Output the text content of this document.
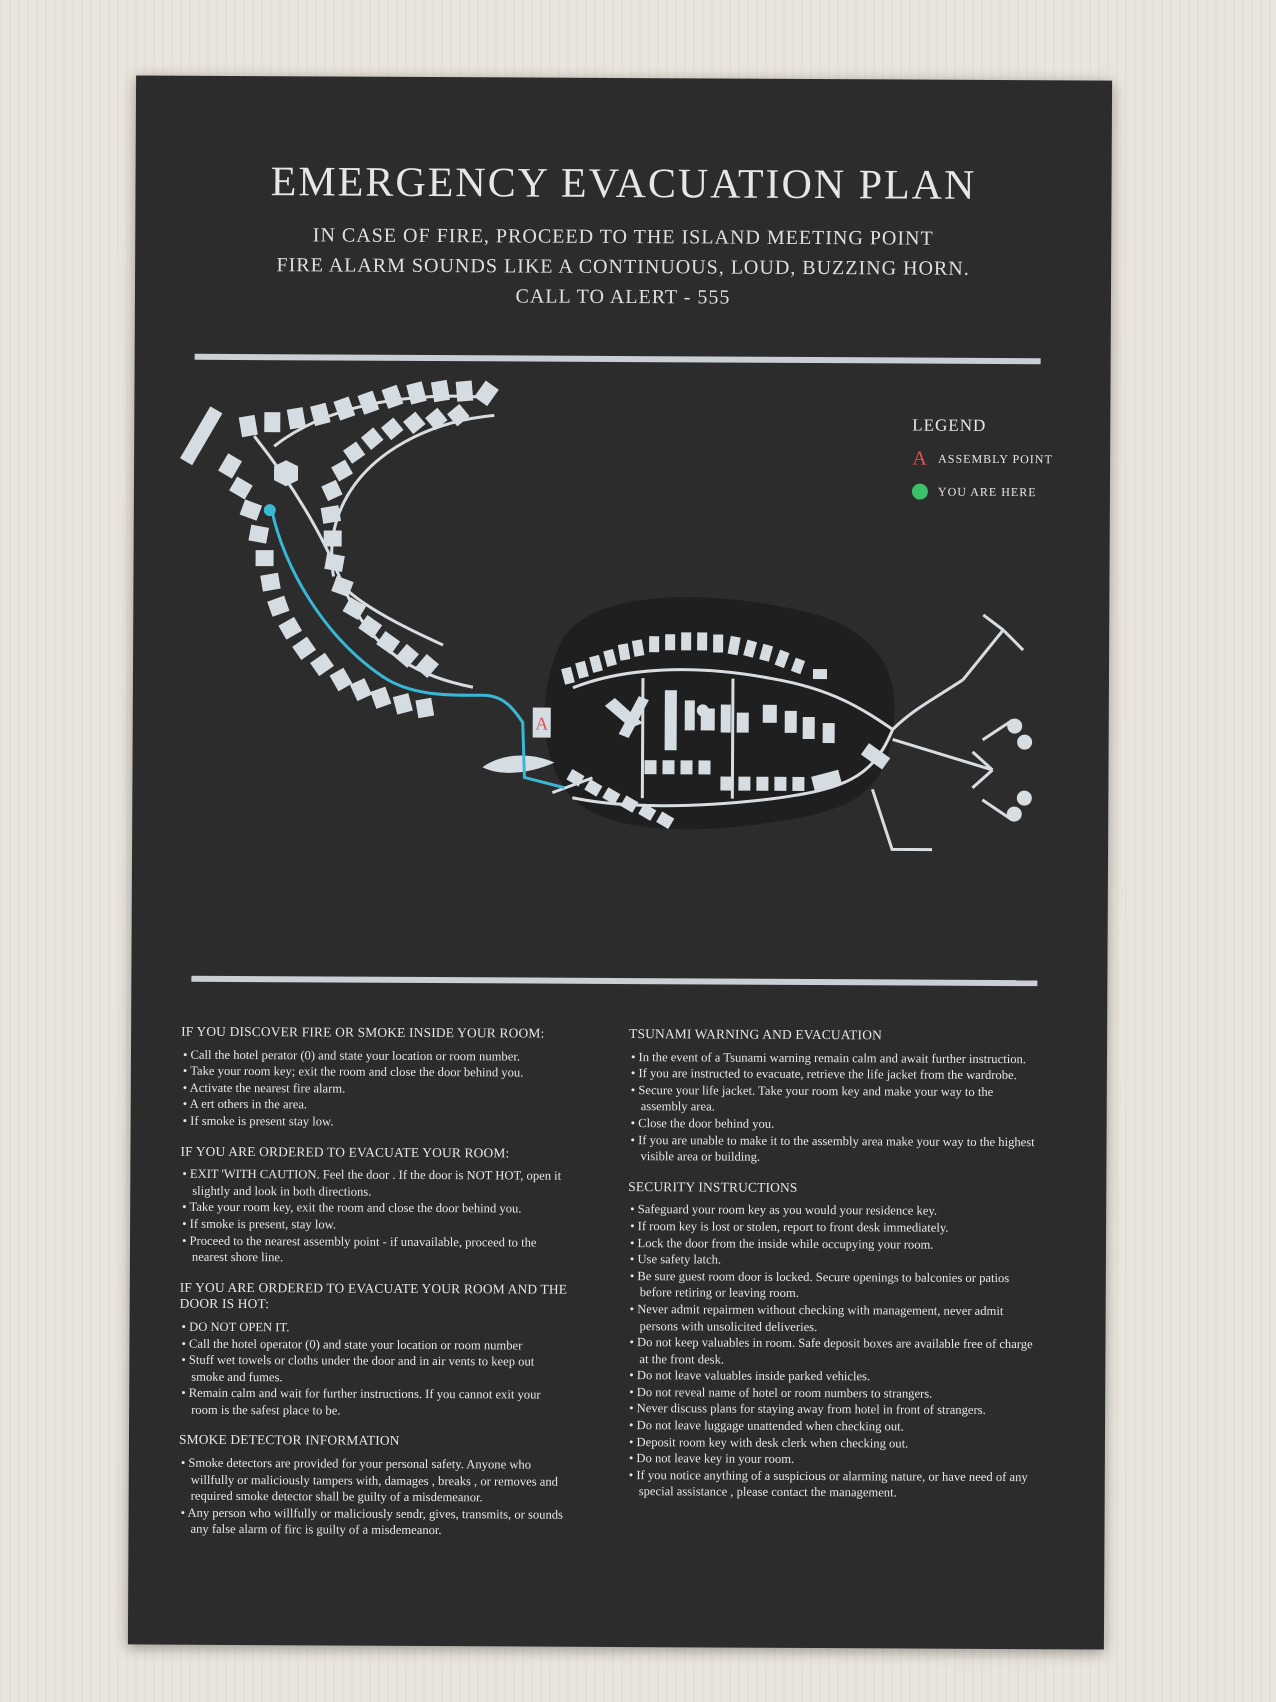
EMERGENCY EVACUATION PLAN

IN CASE OF FIRE, PROCEED TO THE ISLAND MEETING POINT

FIRE ALARM SOUNDS LIKE A CONTINUOUS, LOUD, BUZZING HORN.

CALL TO ALERT - 555

A

LEGEND

A ASSEMBLY POINT
YOU ARE HERE
IF YOU DISCOVER FIRE OR SMOKE INSIDE YOUR ROOM:
• Call the hotel perator (0) and state your location or room number.
• Take your room key; exit the room and close the door behind you.
• Activate the nearest fire alarm.
• A ert others in the area.
• If smoke is present stay low.
IF YOU ARE ORDERED TO EVACUATE YOUR ROOM:
• EXIT 'WITH CAUTION. Feel the door . If the door is NOT HOT, open it slightly and look in both directions.
• Take your room key, exit the room and close the door behind you.
• If smoke is present, stay low.
• Proceed to the nearest assembly point - if unavailable, proceed to the nearest shore line.
IF YOU ARE ORDERED TO EVACUATE YOUR ROOM AND THE DOOR IS HOT:
• DO NOT OPEN IT.
• Call the hotel operator (0) and state your location or room number
• Stuff wet towels or cloths under the door and in air vents to keep out smoke and fumes.
• Remain calm and wait for further instructions. If you cannot exit your room is the safest place to be.
SMOKE DETECTOR INFORMATION
• Smoke detectors are provided for your personal safety. Anyone who willfully or maliciously tampers with, damages , breaks , or removes and required smoke detector shall be guilty of a misdemeanor.
• Any person who willfully or maliciously sendr, gives, transmits, or sounds any false alarm of firc is guilty of a misdemeanor.
TSUNAMI WARNING AND EVACUATION
• In the event of a Tsunami warning remain calm and await further instruction.
• If you are instructed to evacuate, retrieve the life jacket from the wardrobe.
• Secure your life jacket. Take your room key and make your way to the assembly area.
• Close the door behind you.
• If you are unable to make it to the assembly area make your way to the highest visible area or building.
SECURITY INSTRUCTIONS
• Safeguard your room key as you would your residence key.
• If room key is lost or stolen, report to front desk immediately.
• Lock the door from the inside while occupying your room.
• Use safety latch.
• Be sure guest room door is locked. Secure openings to balconies or patios before retiring or leaving room.
• Never admit repairmen without checking with management, never admit persons with unsolicited deliveries.
• Do not keep valuables in room. Safe deposit boxes are available free of charge at the front desk.
• Do not leave valuables inside parked vehicles.
• Do not reveal name of hotel or room numbers to strangers.
• Never discuss plans for staying away from hotel in front of strangers.
• Do not leave luggage unattended when checking out.
• Deposit room key with desk clerk when checking out.
• Do not leave key in your room.
• If you notice anything of a suspicious or alarming nature, or have need of any special assistance , please contact the management.
